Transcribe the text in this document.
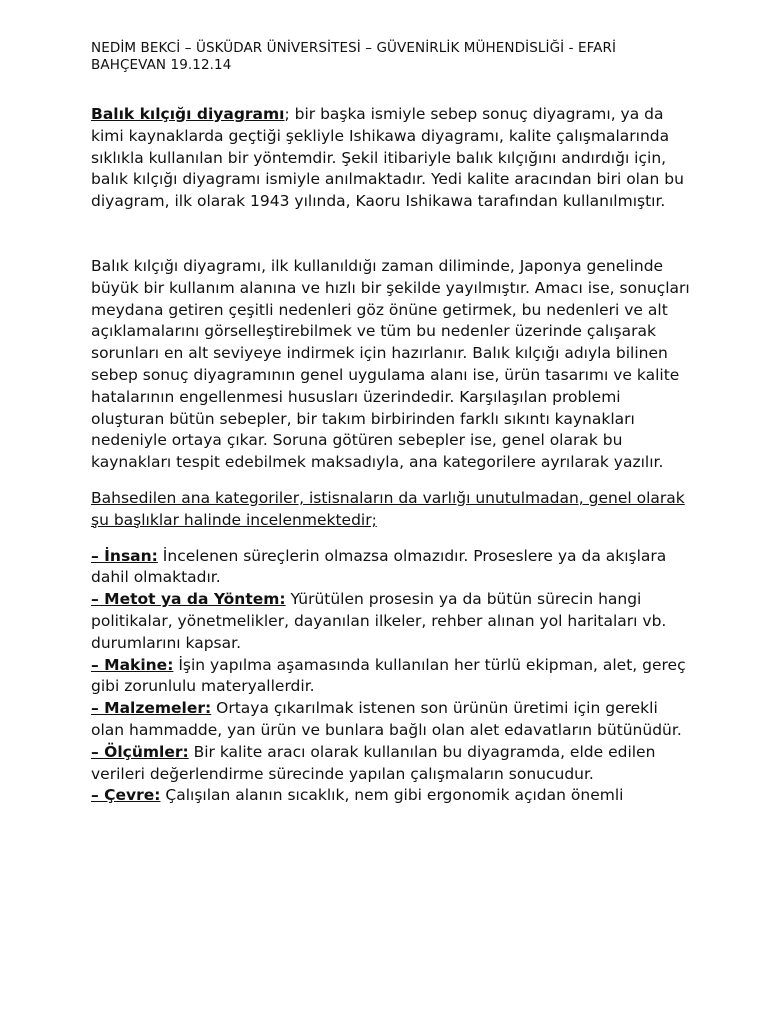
NEDİM BEKCİ – ÜSKÜDAR ÜNİVERSİTESİ – GÜVENİRLİK MÜHENDİSLİĞİ - EFARİ
BAHÇEVAN 19.12.14

Balık kılçığı diyagramı; bir başka ismiyle sebep sonuç diyagramı, ya da kimi kaynaklarda geçtiği şekliyle Ishikawa diyagramı, kalite çalışmalarında sıklıkla kullanılan bir yöntemdir. Şekil itibariyle balık kılçığını andırdığı için, balık kılçığı diyagramı ismiyle anılmaktadır. Yedi kalite aracından biri olan bu diyagram, ilk olarak 1943 yılında, Kaoru Ishikawa tarafından kullanılmıştır.

Balık kılçığı diyagramı, ilk kullanıldığı zaman diliminde, Japonya genelinde büyük bir kullanım alanına ve hızlı bir şekilde yayılmıştır. Amacı ise, sonuçları meydana getiren çeşitli nedenleri göz önüne getirmek, bu nedenleri ve alt açıklamalarını görselleştirebilmek ve tüm bu nedenler üzerinde çalışarak sorunları en alt seviyeye indirmek için hazırlanır. Balık kılçığı adıyla bilinen sebep sonuç diyagramının genel uygulama alanı ise, ürün tasarımı ve kalite hatalarının engellenmesi hususları üzerindedir. Karşılaşılan problemi oluşturan bütün sebepler, bir takım birbirinden farklı sıkıntı kaynakları nedeniyle ortaya çıkar. Soruna götüren sebepler ise, genel olarak bu kaynakları tespit edebilmek maksadıyla, ana kategorilere ayrılarak yazılır.

Bahsedilen ana kategoriler, istisnaların da varlığı unutulmadan, genel olarak şu başlıklar halinde incelenmektedir;

– İnsan: İncelenen süreçlerin olmazsa olmazıdır. Proseslere ya da akışlara dahil olmaktadır.

– Metot ya da Yöntem: Yürütülen prosesin ya da bütün sürecin hangi politikalar, yönetmelikler, dayanılan ilkeler, rehber alınan yol haritaları vb. durumlarını kapsar.

– Makine: İşin yapılma aşamasında kullanılan her türlü ekipman, alet, gereç gibi zorunlulu materyallerdir.

– Malzemeler: Ortaya çıkarılmak istenen son ürünün üretimi için gerekli olan hammadde, yan ürün ve bunlara bağlı olan alet edavatların bütünüdür.

– Ölçümler: Bir kalite aracı olarak kullanılan bu diyagramda, elde edilen verileri değerlendirme sürecinde yapılan çalışmaların sonucudur.

– Çevre: Çalışılan alanın sıcaklık, nem gibi ergonomik açıdan önemli
